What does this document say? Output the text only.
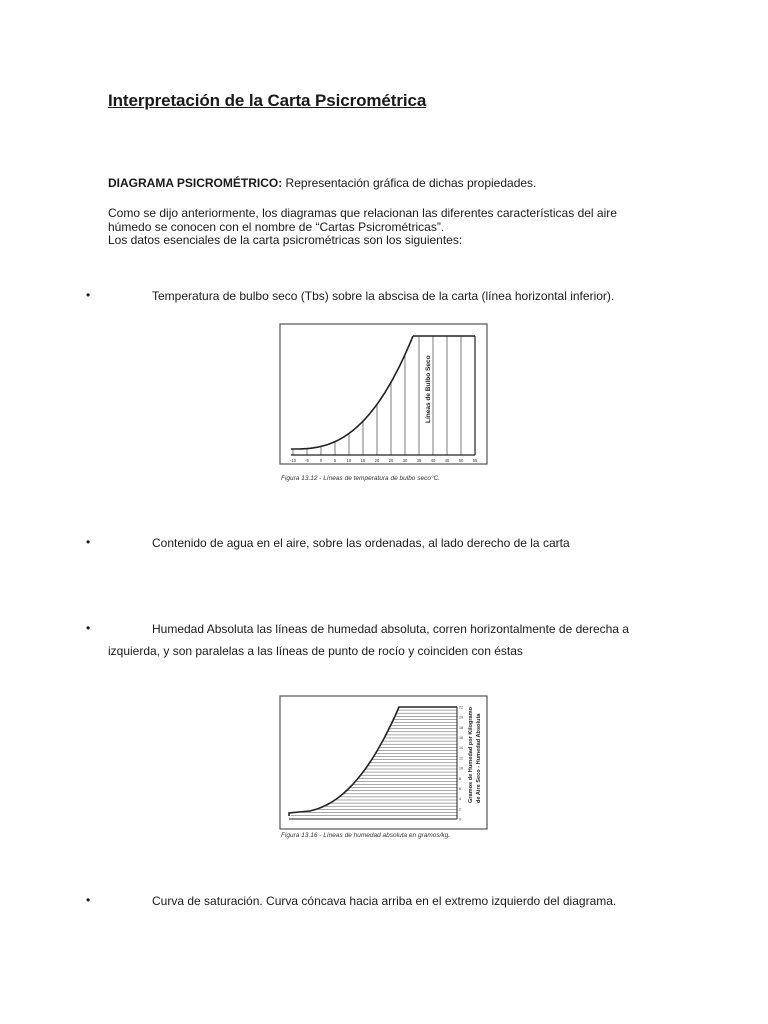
Interpretación de la Carta Psicrométrica

DIAGRAMA PSICROMÉTRICO: Representación gráfica de dichas propiedades.

Como se dijo anteriormente, los diagramas que relacionan las diferentes características del aire
húmedo se conocen con el nombre de “Cartas Psicrométricas”.
Los datos esenciales de la carta psicrométricas son los siguientes:
•	Temperatura de bulbo seco (Tbs) sobre la abscisa de la carta (línea horizontal inferior).
-10 -5	0	5 10 15 20 25 30 35 40 45 50 55
Líneas de Bulbo Seco
Figura 13.12 - Líneas de temperatura de bulbo seco°C.
•	Contenido de agua en el aire, sobre las ordenadas, al lado derecho de la carta
•	Humedad Absoluta las líneas de humedad absoluta, corren horizontalmente de derecha a
izquierda, y son paralelas a las líneas de punto de rocío y coinciden con éstas
0
2
4
6
8
10
12
14
16
18
20
22 Gramos de Humedad por Kilogramo de Aire Seco - Humedad Absoluta
Figura 13.16 - Líneas de humedad absoluta en gramos/kg.
•	Curva de saturación. Curva cóncava hacia arriba en el extremo izquierdo del diagrama.
